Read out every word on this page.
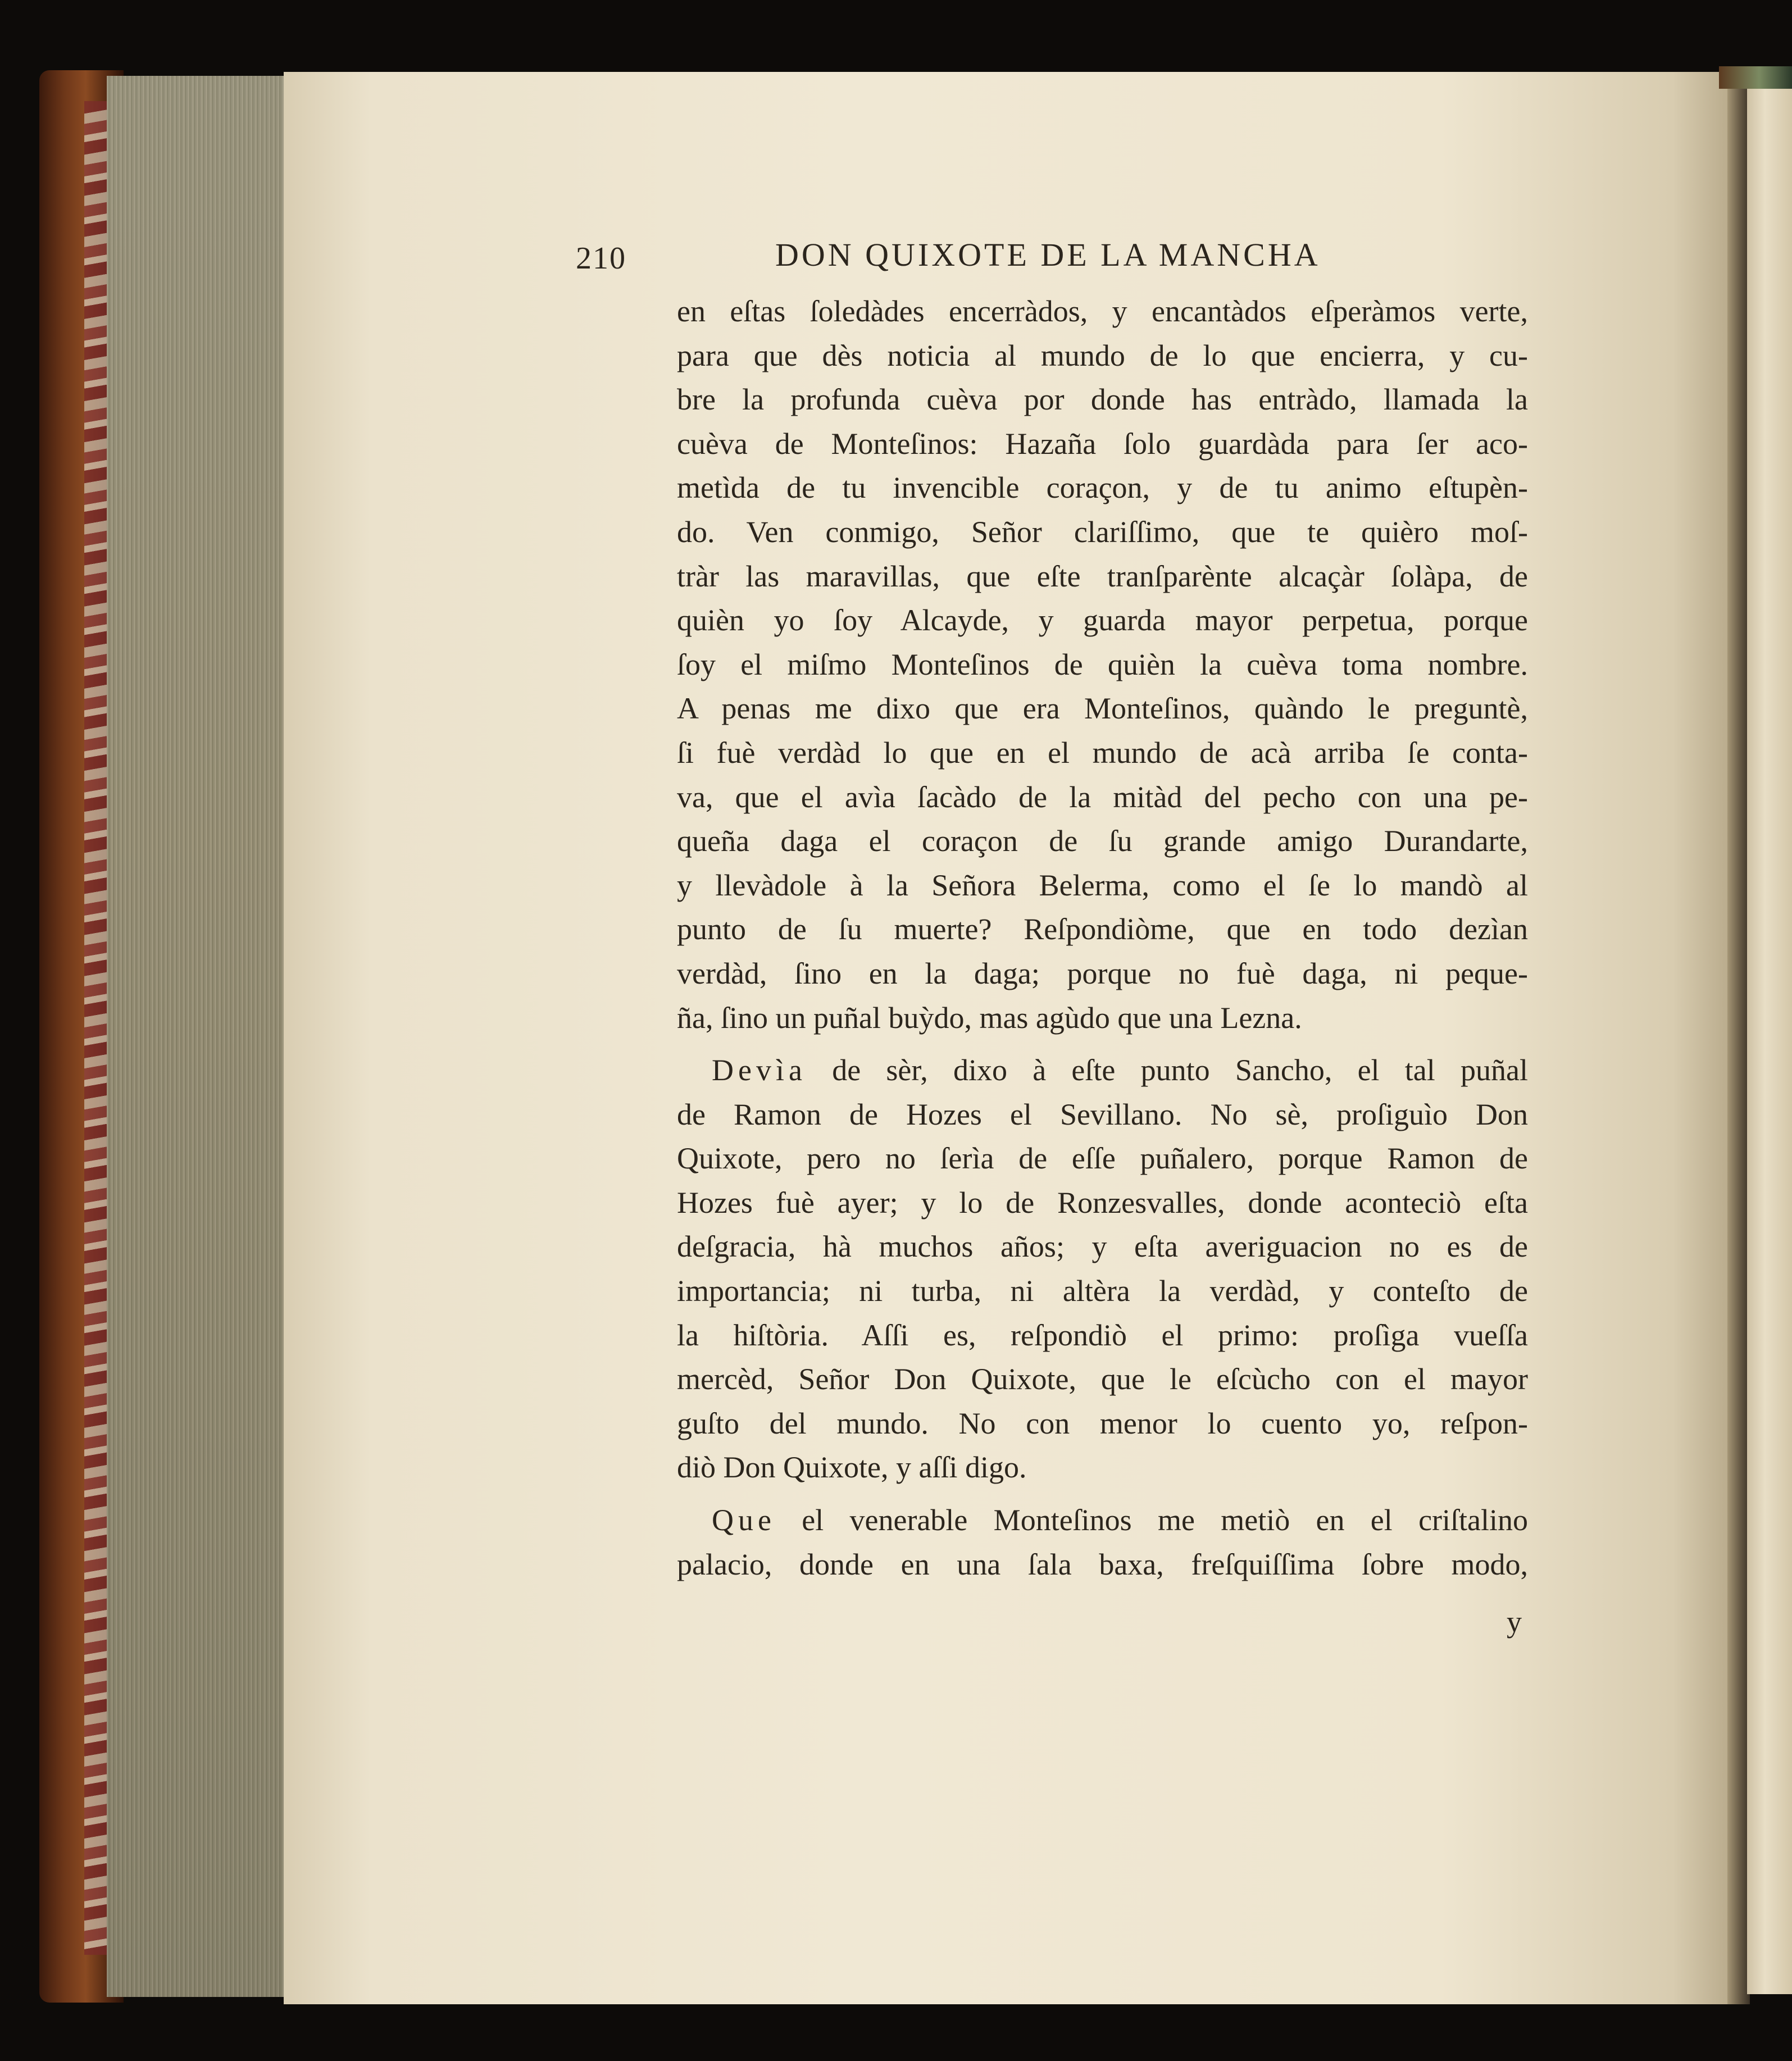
210	DON QUIXOTE DE LA MANCHA
en eſtas ſoledàdes encerràdos, y encantàdos eſperàmos verte,
para que dès noticia al mundo de lo que encierra, y cu-
bre la profunda cuèva por donde has entràdo, llamada la
cuèva de Monteſinos: Hazaña ſolo guardàda para ſer aco-
metìda de tu invencible coraçon, y de tu animo eſtupèn-
do. Ven conmigo, Señor clariſſimo, que te quièro moſ-
tràr las maravillas, que eſte tranſparènte alcaçàr ſolàpa, de
quièn yo ſoy Alcayde, y guarda mayor perpetua, porque
ſoy el miſmo Monteſinos de quièn la cuèva toma nombre.
A penas me dixo que era Monteſinos, quàndo le preguntè,
ſi fuè verdàd lo que en el mundo de acà arriba ſe conta-
va, que el avìa ſacàdo de la mitàd del pecho con una pe-
queña daga el coraçon de ſu grande amigo Durandarte,
y llevàdole à la Señora Belerma, como el ſe lo mandò al
punto de ſu muerte? Reſpondiòme, que en todo dezìan
verdàd, ſino en la daga; porque no fuè daga, ni peque-
ña, ſino un puñal buỳdo, mas agùdo que una Lezna.
Devìa de sèr, dixo à eſte punto Sancho, el tal puñal
de Ramon de Hozes el Sevillano. No sè, proſiguìo Don
Quixote, pero no ſerìa de eſſe puñalero, porque Ramon de
Hozes fuè ayer; y lo de Ronzesvalles, donde aconteciò eſta
deſgracia, hà muchos años; y eſta averiguacion no es de
importancia; ni turba, ni altèra la verdàd, y conteſto de
la hiſtòria. Aſſi es, reſpondiò el primo: proſìga vueſſa
mercèd, Señor Don Quixote, que le eſcùcho con el mayor
guſto del mundo. No con menor lo cuento yo, reſpon-
diò Don Quixote, y aſſi digo.
Que el venerable Monteſinos me metiò en el criſtalino
palacio, donde en una ſala baxa, freſquiſſima ſobre modo,
y
